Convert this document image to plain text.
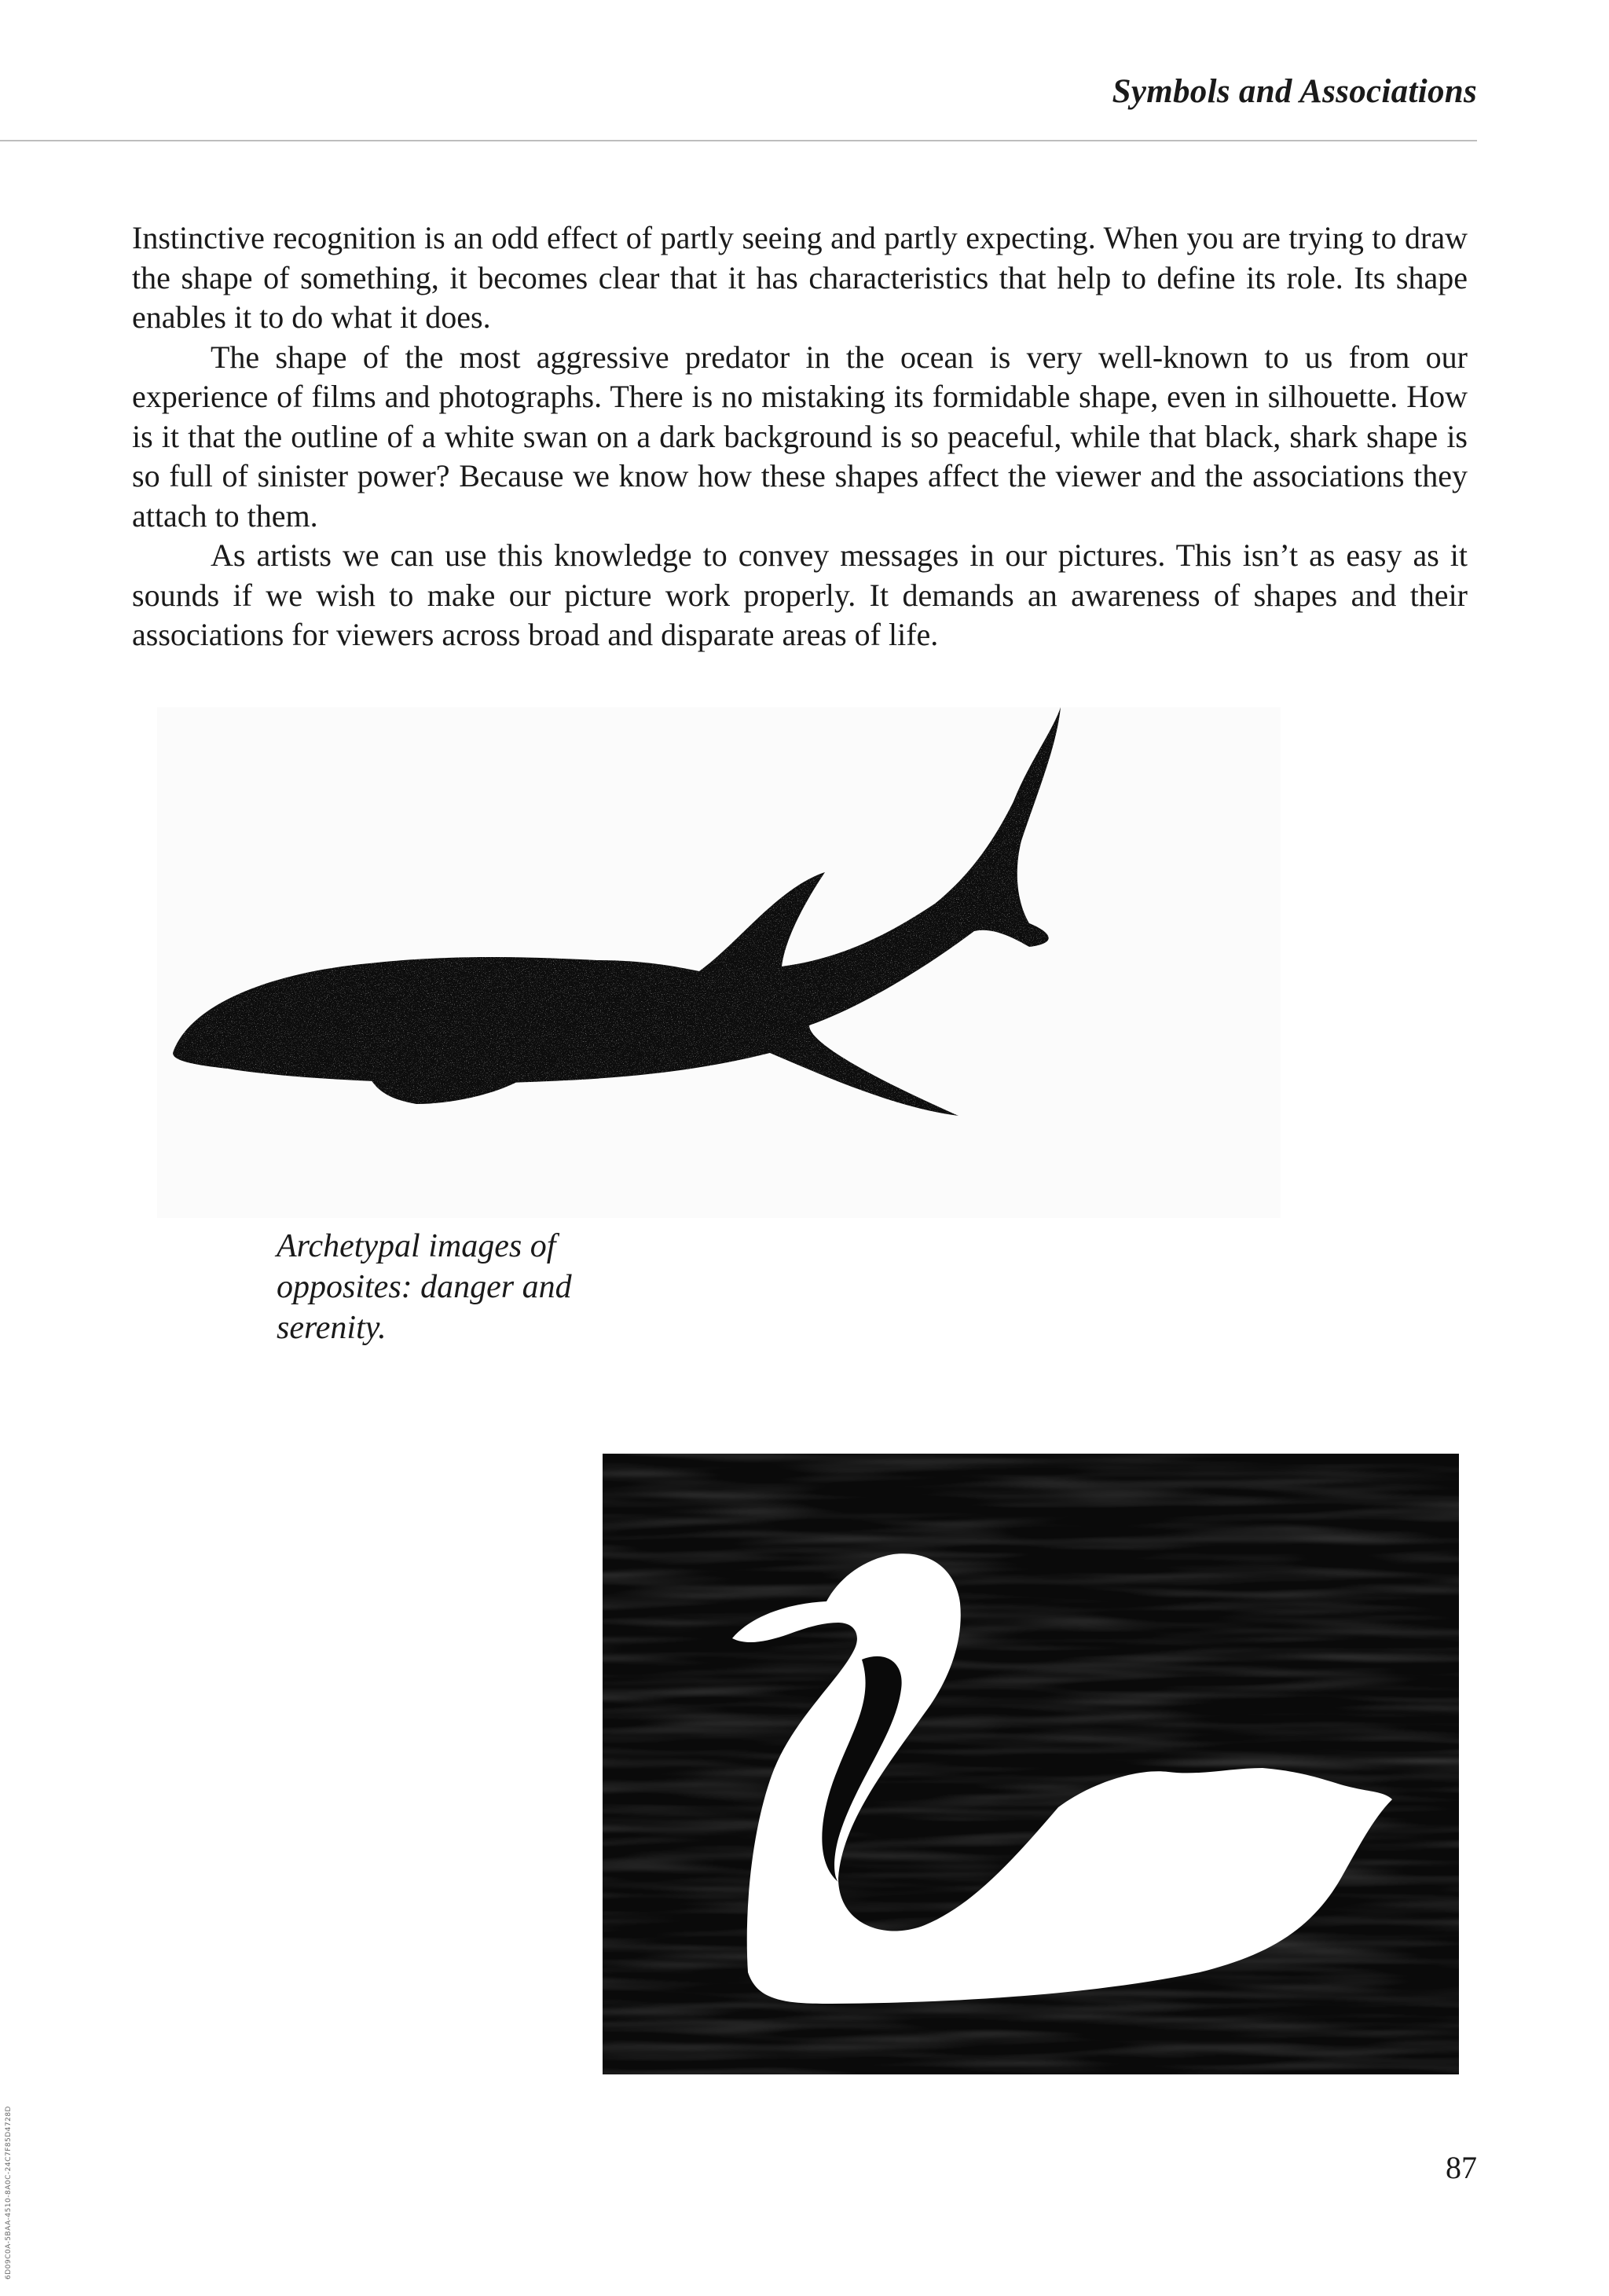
Symbols and Associations

Instinctive recognition is an odd effect of partly seeing and partly expecting. When you are trying to draw the shape of something, it becomes clear that it has characteristics that help to define its role. Its shape enables it to do what it does.

The shape of the most aggressive predator in the ocean is very well-known to us from our experience of films and photographs. There is no mistaking its formidable shape, even in silhouette. How is it that the outline of a white swan on a dark background is so peaceful, while that black, shark shape is so full of sinister power? Because we know how these shapes affect the viewer and the associations they attach to them.

As artists we can use this knowledge to convey messages in our pictures. This isn’t as easy as it sounds if we wish to make our picture work properly. It demands an awareness of shapes and their associations for viewers across broad and disparate areas of life.

Archetypal images of opposites: danger and serenity.
87
6D09C0A-5BAA-4510-8A0C-24C7F85D4728D
